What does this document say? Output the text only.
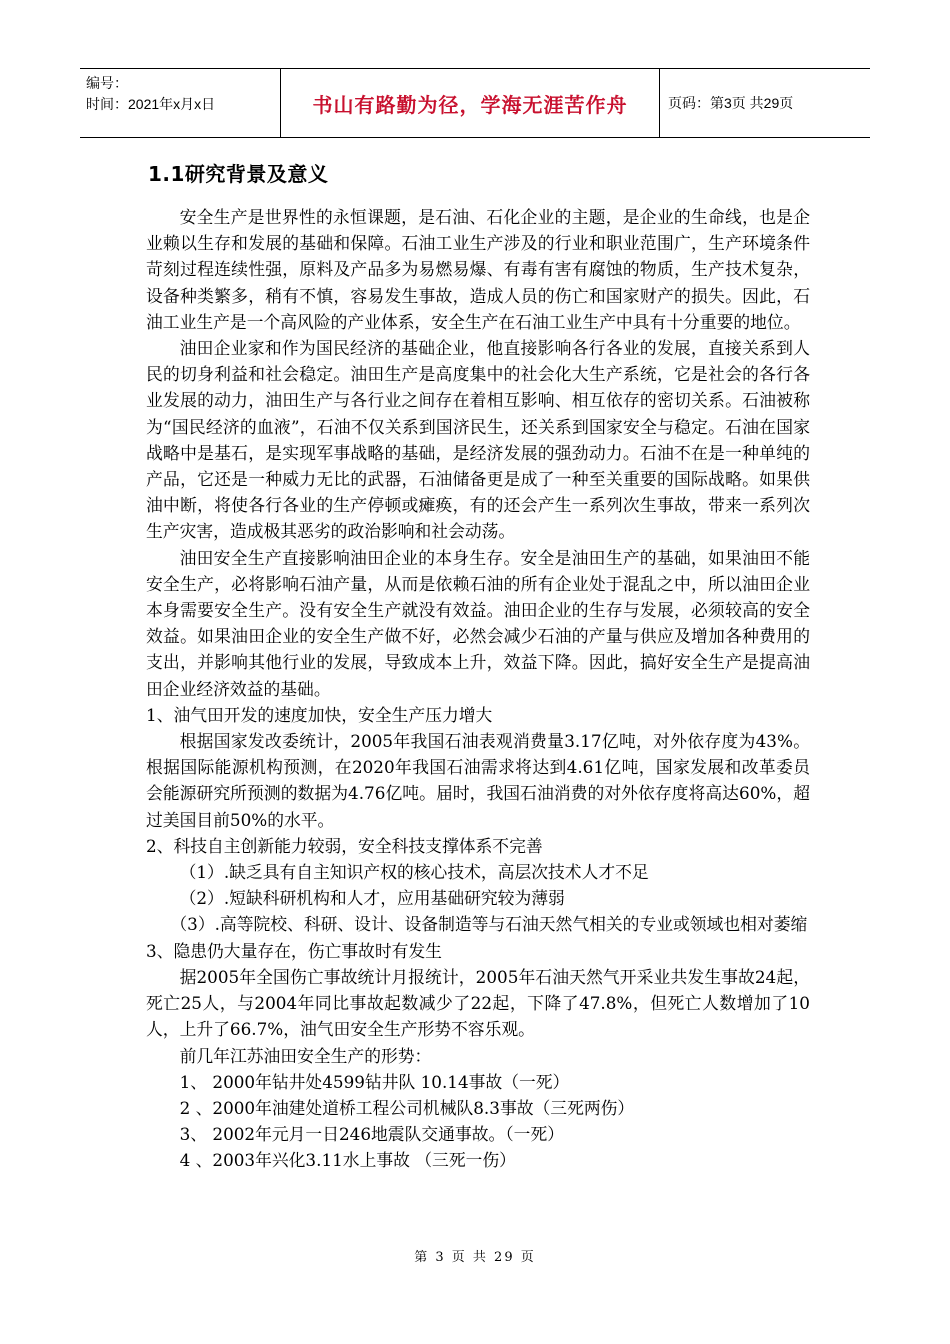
编号：
时间：2021年x月x日	书山有路勤为径，学海无涯苦作舟	页码：第3页 共29页
1.1研究背景及意义

安全生产是世界性的永恒课题，是石油、石化企业的主题，是企业的生命线，也是企业赖以生存和发展的基础和保障。石油工业生产涉及的行业和职业范围广，生产环境条件苛刻过程连续性强，原料及产品多为易燃易爆、有毒有害有腐蚀的物质，生产技术复杂，设备种类繁多，稍有不慎，容易发生事故，造成人员的伤亡和国家财产的损失。因此，石油工业生产是一个高风险的产业体系，安全生产在石油工业生产中具有十分重要的地位。

油田企业家和作为国民经济的基础企业，他直接影响各行各业的发展，直接关系到人民的切身利益和社会稳定。油田生产是高度集中的社会化大生产系统，它是社会的各行各业发展的动力，油田生产与各行业之间存在着相互影响、相互依存的密切关系。石油被称为“国民经济的血液”，石油不仅关系到国济民生，还关系到国家安全与稳定。石油在国家战略中是基石，是实现军事战略的基础，是经济发展的强劲动力。石油不在是一种单纯的产品，它还是一种威力无比的武器，石油储备更是成了一种至关重要的国际战略。如果供油中断，将使各行各业的生产停顿或瘫痪，有的还会产生一系列次生事故，带来一系列次生产灾害，造成极其恶劣的政治影响和社会动荡。

油田安全生产直接影响油田企业的本身生存。安全是油田生产的基础，如果油田不能安全生产，必将影响石油产量，从而是依赖石油的所有企业处于混乱之中，所以油田企业本身需要安全生产。没有安全生产就没有效益。油田企业的生存与发展，必须较高的安全效益。如果油田企业的安全生产做不好，必然会减少石油的产量与供应及增加各种费用的支出，并影响其他行业的发展，导致成本上升，效益下降。因此，搞好安全生产是提高油田企业经济效益的基础。

1、油气田开发的速度加快，安全生产压力增大

根据国家发改委统计，2005年我国石油表观消费量3.17亿吨，对外依存度为43%。根据国际能源机构预测，在2020年我国石油需求将达到4.61亿吨，国家发展和改革委员会能源研究所预测的数据为4.76亿吨。届时，我国石油消费的对外依存度将高达60%，超过美国目前50%的水平。

2、科技自主创新能力较弱，安全科技支撑体系不完善

（1）.缺乏具有自主知识产权的核心技术，高层次技术人才不足

（2）.短缺科研机构和人才，应用基础研究较为薄弱

（3）.高等院校、科研、设计、设备制造等与石油天然气相关的专业或领域也相对萎缩

3、隐患仍大量存在，伤亡事故时有发生

据2005年全国伤亡事故统计月报统计，2005年石油天然气开采业共发生事故24起，死亡25人，与2004年同比事故起数减少了22起，下降了47.8%，但死亡人数增加了10人，上升了66.7%，油气田安全生产形势不容乐观。

前几年江苏油田安全生产的形势：

1、 2000年钻井处4599钻井队 10.14事故（一死）

2 、2000年油建处道桥工程公司机械队8.3事故（三死两伤）

3、 2002年元月一日246地震队交通事故。（一死）

4 、2003年兴化3.11水上事故 （三死一伤）

第 3 页 共 29 页
